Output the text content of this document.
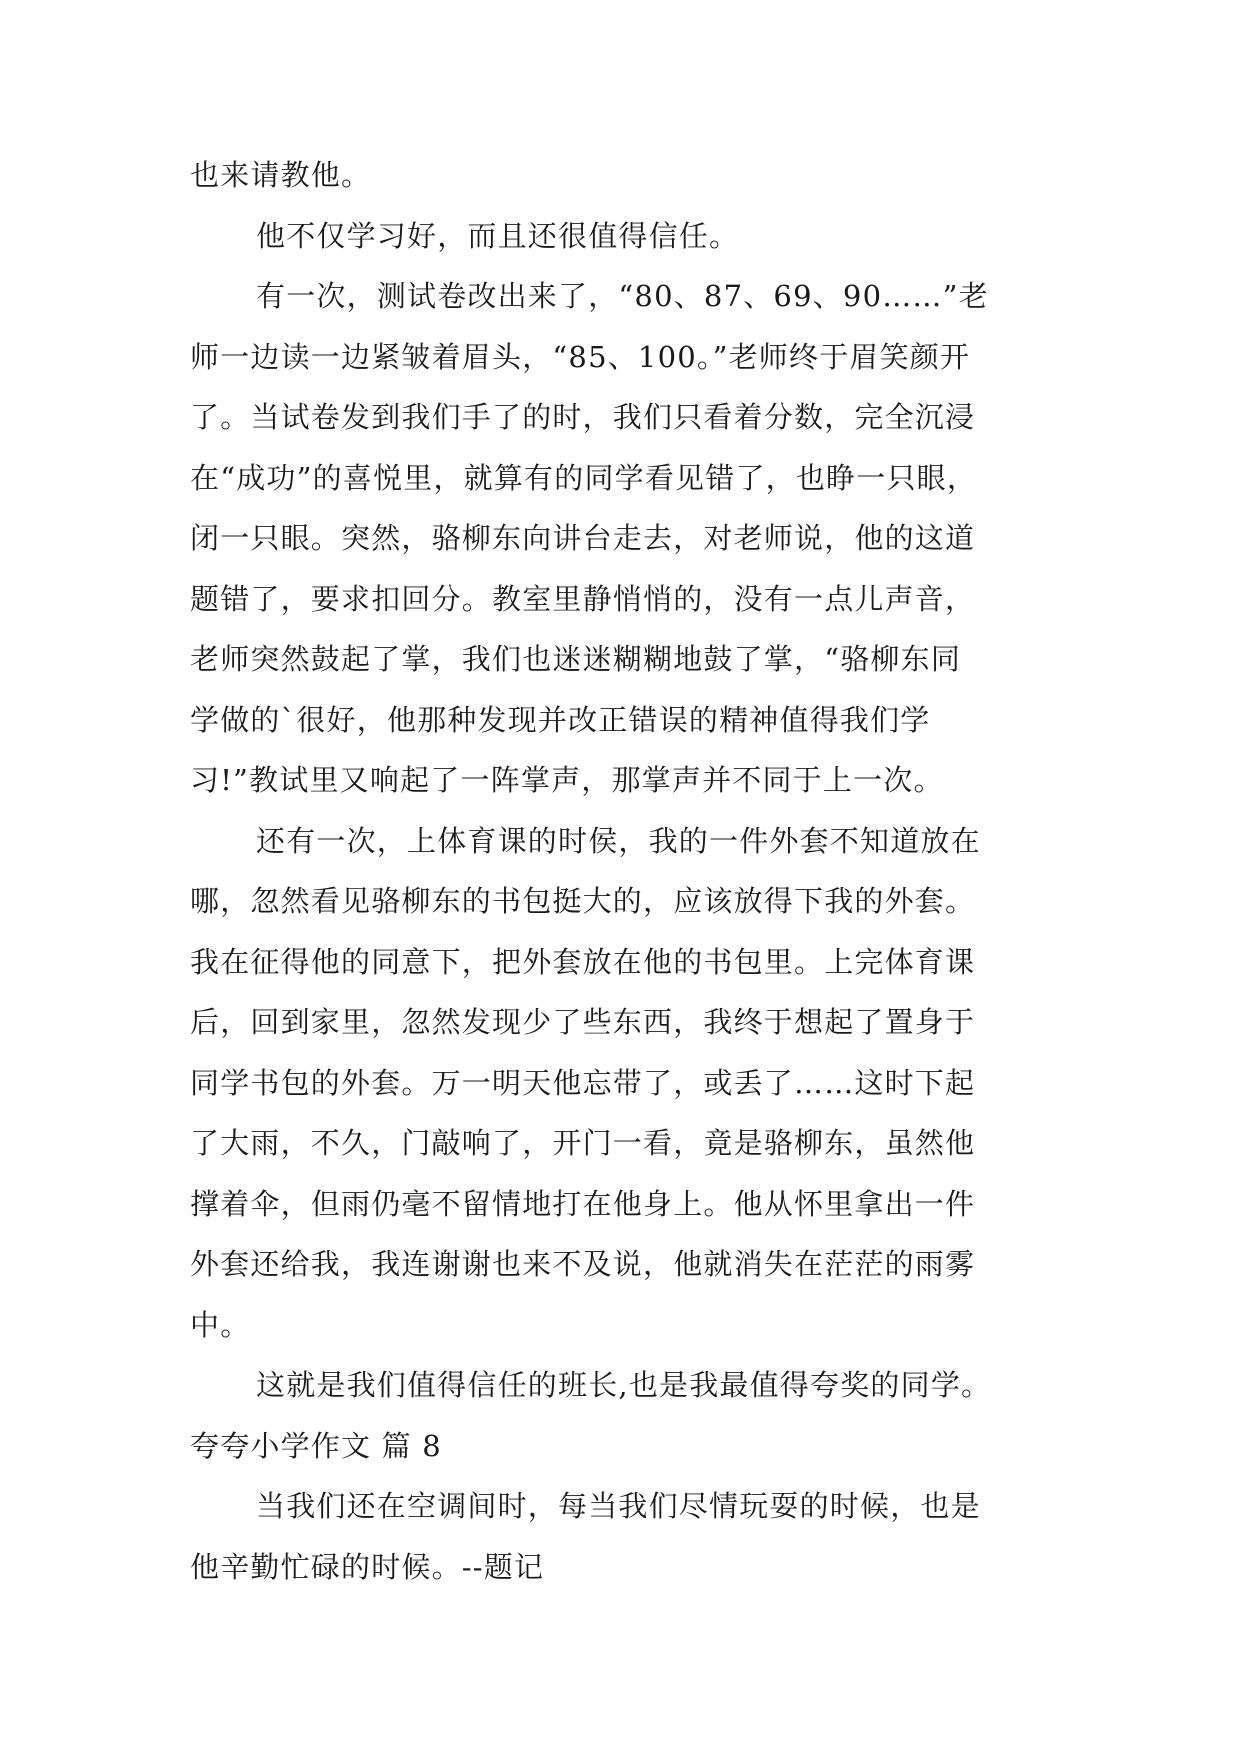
也来请教他。
他不仅学习好，而且还很值得信任。
有一次，测试卷改出来了，“80、87、69、90……”老
师一边读一边紧皱着眉头，“85、100。”老师终于眉笑颜开
了。当试卷发到我们手了的时，我们只看着分数，完全沉浸
在“成功”的喜悦里，就算有的同学看见错了，也睁一只眼，
闭一只眼。突然，骆柳东向讲台走去，对老师说，他的这道
题错了，要求扣回分。教室里静悄悄的，没有一点儿声音，
老师突然鼓起了掌，我们也迷迷糊糊地鼓了掌，“骆柳东同
学做的`很好，他那种发现并改正错误的精神值得我们学
习!”教试里又响起了一阵掌声，那掌声并不同于上一次。
还有一次，上体育课的时侯，我的一件外套不知道放在
哪，忽然看见骆柳东的书包挺大的，应该放得下我的外套。
我在征得他的同意下，把外套放在他的书包里。上完体育课
后，回到家里，忽然发现少了些东西，我终于想起了置身于
同学书包的外套。万一明天他忘带了，或丢了……这时下起
了大雨，不久，门敲响了，开门一看，竟是骆柳东，虽然他
撑着伞，但雨仍毫不留情地打在他身上。他从怀里拿出一件
外套还给我，我连谢谢也来不及说，他就消失在茫茫的雨雾
中。
这就是我们值得信任的班长,也是我最值得夸奖的同学。
夸夸小学作文 篇 8
当我们还在空调间时，每当我们尽情玩耍的时候，也是
他辛勤忙碌的时候。--题记
